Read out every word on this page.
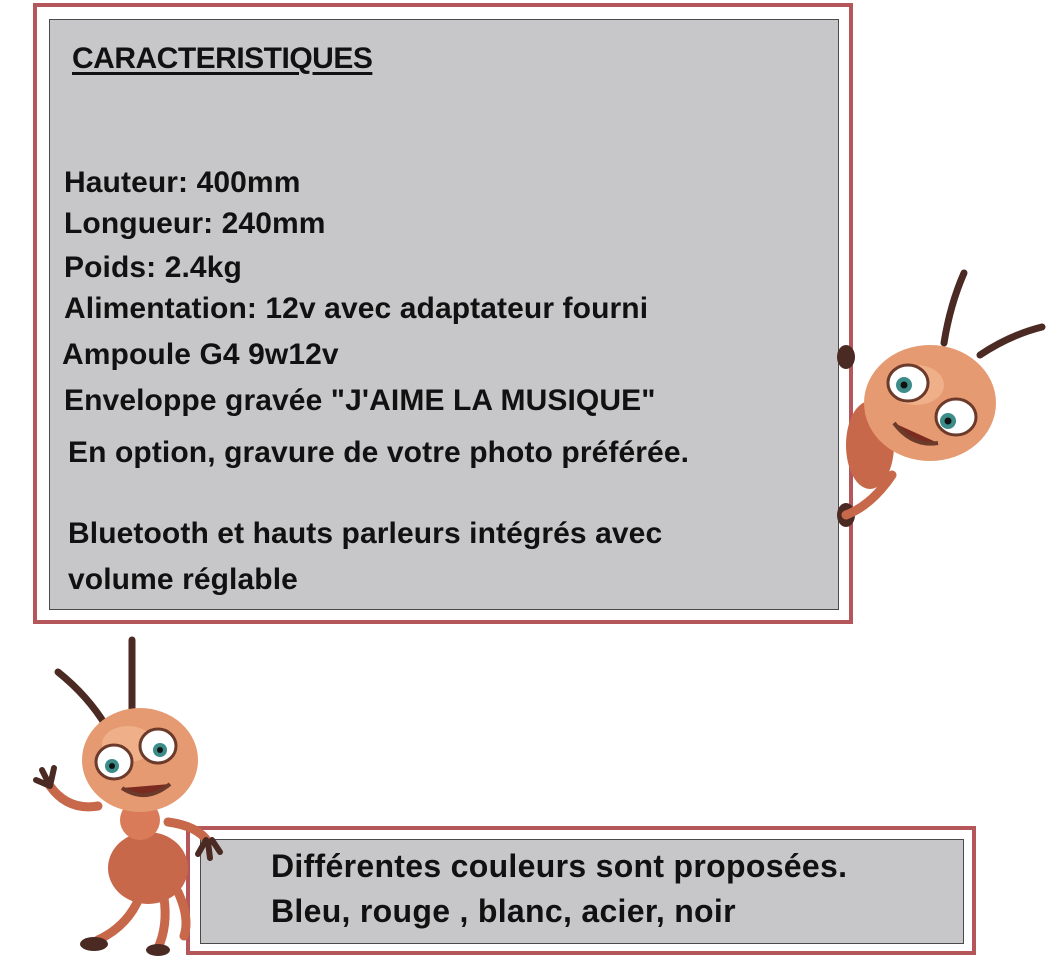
CARACTERISTIQUES

Hauteur: 400mm

Longueur: 240mm

Poids: 2.4kg

Alimentation: 12v avec adaptateur fourni

Ampoule G4 9w12v

Enveloppe gravée "J'AIME LA MUSIQUE"

En option, gravure de votre photo préférée.

Bluetooth et hauts parleurs intégrés avec

volume réglable

Différentes couleurs sont proposées.

Bleu, rouge , blanc, acier, noir
